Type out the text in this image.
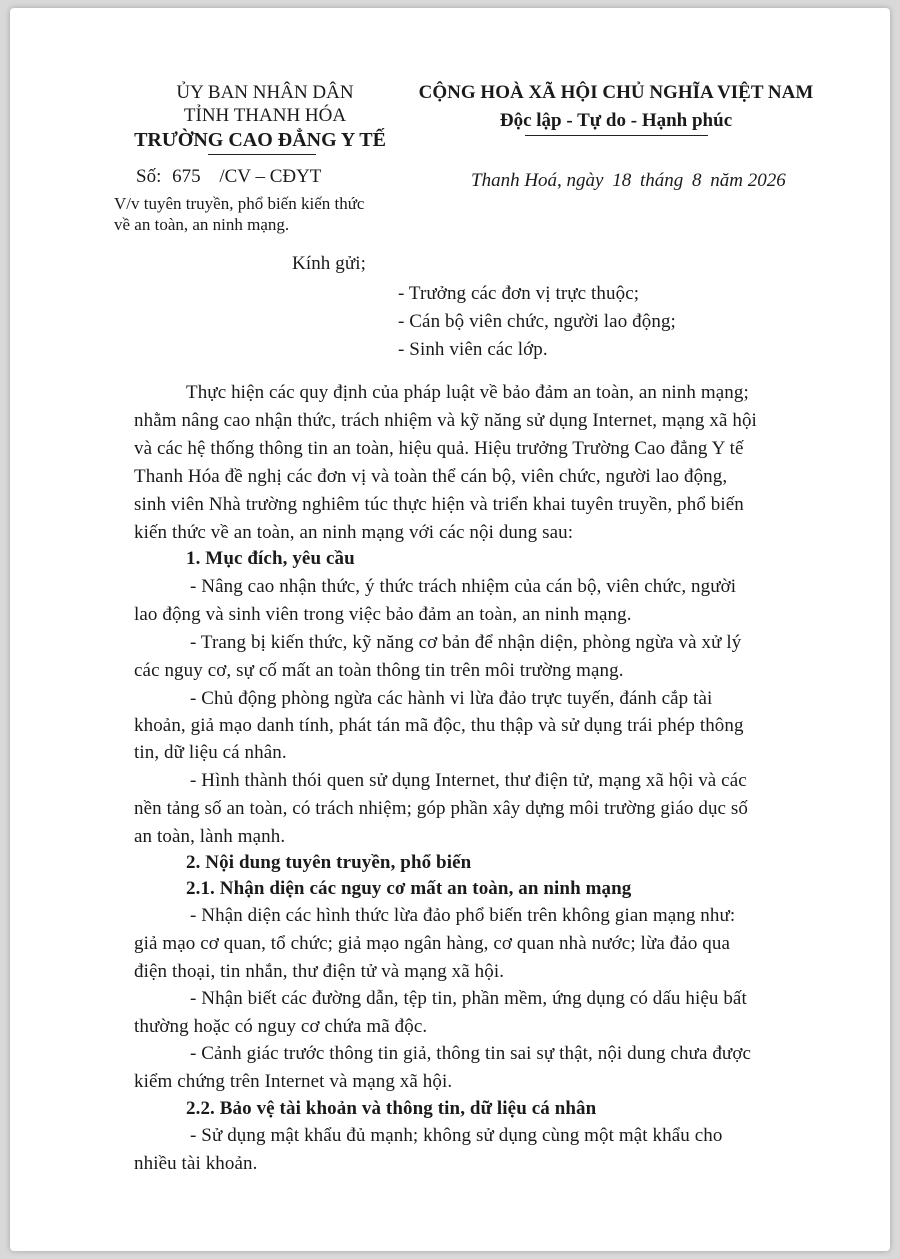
ỦY BAN NHÂN DÂN
TỈNH THANH HÓA
TRƯỜNG CAO ĐẲNG Y TẾ
Số: 675 /CV – CĐYT
V/v tuyên truyền, phổ biến kiến thức
về an toàn, an ninh mạng.
CỘNG HOÀ XÃ HỘI CHỦ NGHĨA VIỆT NAM
Độc lập - Tự do - Hạnh phúc
Thanh Hoá, ngày 18 tháng 8 năm 2026
Kính gửi;
- Trưởng các đơn vị trực thuộc;
- Cán bộ viên chức, người lao động;
- Sinh viên các lớp.
Thực hiện các quy định của pháp luật về bảo đảm an toàn, an ninh mạng;
nhằm nâng cao nhận thức, trách nhiệm và kỹ năng sử dụng Internet, mạng xã hội
và các hệ thống thông tin an toàn, hiệu quả. Hiệu trưởng Trường Cao đẳng Y tế
Thanh Hóa đề nghị các đơn vị và toàn thể cán bộ, viên chức, người lao động,
sinh viên Nhà trường nghiêm túc thực hiện và triển khai tuyên truyền, phổ biến
kiến thức về an toàn, an ninh mạng với các nội dung sau:
1. Mục đích, yêu cầu
- Nâng cao nhận thức, ý thức trách nhiệm của cán bộ, viên chức, người
lao động và sinh viên trong việc bảo đảm an toàn, an ninh mạng.
- Trang bị kiến thức, kỹ năng cơ bản để nhận diện, phòng ngừa và xử lý
các nguy cơ, sự cố mất an toàn thông tin trên môi trường mạng.
- Chủ động phòng ngừa các hành vi lừa đảo trực tuyến, đánh cắp tài
khoản, giả mạo danh tính, phát tán mã độc, thu thập và sử dụng trái phép thông
tin, dữ liệu cá nhân.
- Hình thành thói quen sử dụng Internet, thư điện tử, mạng xã hội và các
nền tảng số an toàn, có trách nhiệm; góp phần xây dựng môi trường giáo dục số
an toàn, lành mạnh.
2. Nội dung tuyên truyền, phổ biến
2.1. Nhận diện các nguy cơ mất an toàn, an ninh mạng
- Nhận diện các hình thức lừa đảo phổ biến trên không gian mạng như:
giả mạo cơ quan, tổ chức; giả mạo ngân hàng, cơ quan nhà nước; lừa đảo qua
điện thoại, tin nhắn, thư điện tử và mạng xã hội.
- Nhận biết các đường dẫn, tệp tin, phần mềm, ứng dụng có dấu hiệu bất
thường hoặc có nguy cơ chứa mã độc.
- Cảnh giác trước thông tin giả, thông tin sai sự thật, nội dung chưa được
kiểm chứng trên Internet và mạng xã hội.
2.2. Bảo vệ tài khoản và thông tin, dữ liệu cá nhân
- Sử dụng mật khẩu đủ mạnh; không sử dụng cùng một mật khẩu cho
nhiều tài khoản.
